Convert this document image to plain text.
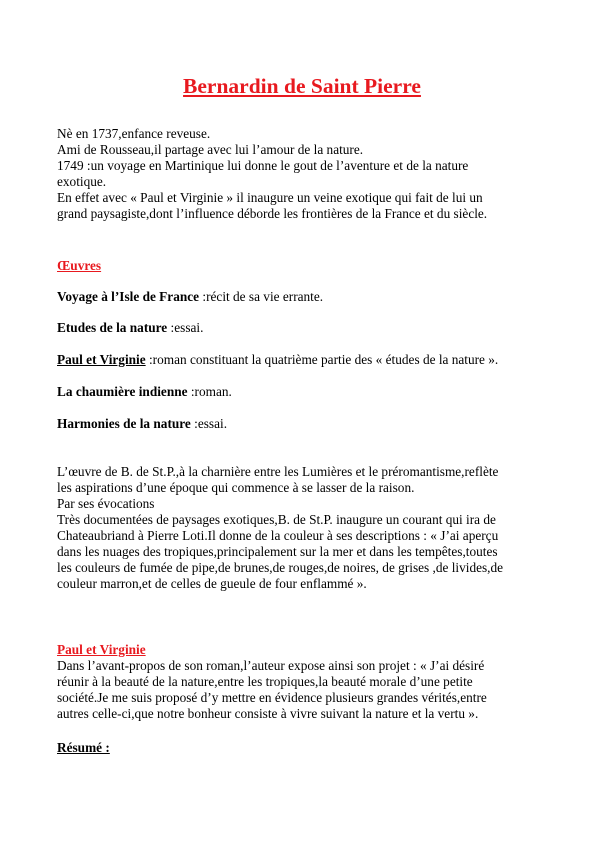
Bernardin de Saint Pierre
Nè en 1737,enfance reveuse.
Ami de Rousseau,il partage avec lui l’amour de la nature.
1749 :un voyage en Martinique lui donne le gout de l’aventure et de la nature
exotique.
En effet avec « Paul et Virginie » il inaugure un veine exotique qui fait de lui un
grand paysagiste,dont l’influence déborde les frontières de la France et du siècle.
Œuvres
Voyage à l’Isle de France :récit de sa vie errante.
Etudes de la nature :essai.
Paul et Virginie :roman constituant la quatrième partie des « études de la nature ».
La chaumière indienne :roman.
Harmonies de la nature :essai.
L’œuvre de B. de St.P.,à la charnière entre les Lumières et le préromantisme,reflète
les aspirations d’une époque qui commence à se lasser de la raison.
Par ses évocations
Très documentées de paysages exotiques,B. de St.P. inaugure un courant qui ira de
Chateaubriand à Pierre Loti.Il donne de la couleur à ses descriptions : « J’ai aperçu
dans les nuages des tropiques,principalement sur la mer et dans les tempêtes,toutes
les couleurs de fumée de pipe,de brunes,de rouges,de noires, de grises ,de livides,de
couleur marron,et de celles de gueule de four enflammé ».
Paul et Virginie
Dans l’avant-propos de son roman,l’auteur expose ainsi son projet : « J’ai désiré
réunir à la beauté de la nature,entre les tropiques,la beauté morale d’une petite
société.Je me suis proposé d’y mettre en évidence plusieurs grandes vérités,entre
autres celle-ci,que notre bonheur consiste à vivre suivant la nature et la vertu ».
Résumé :
